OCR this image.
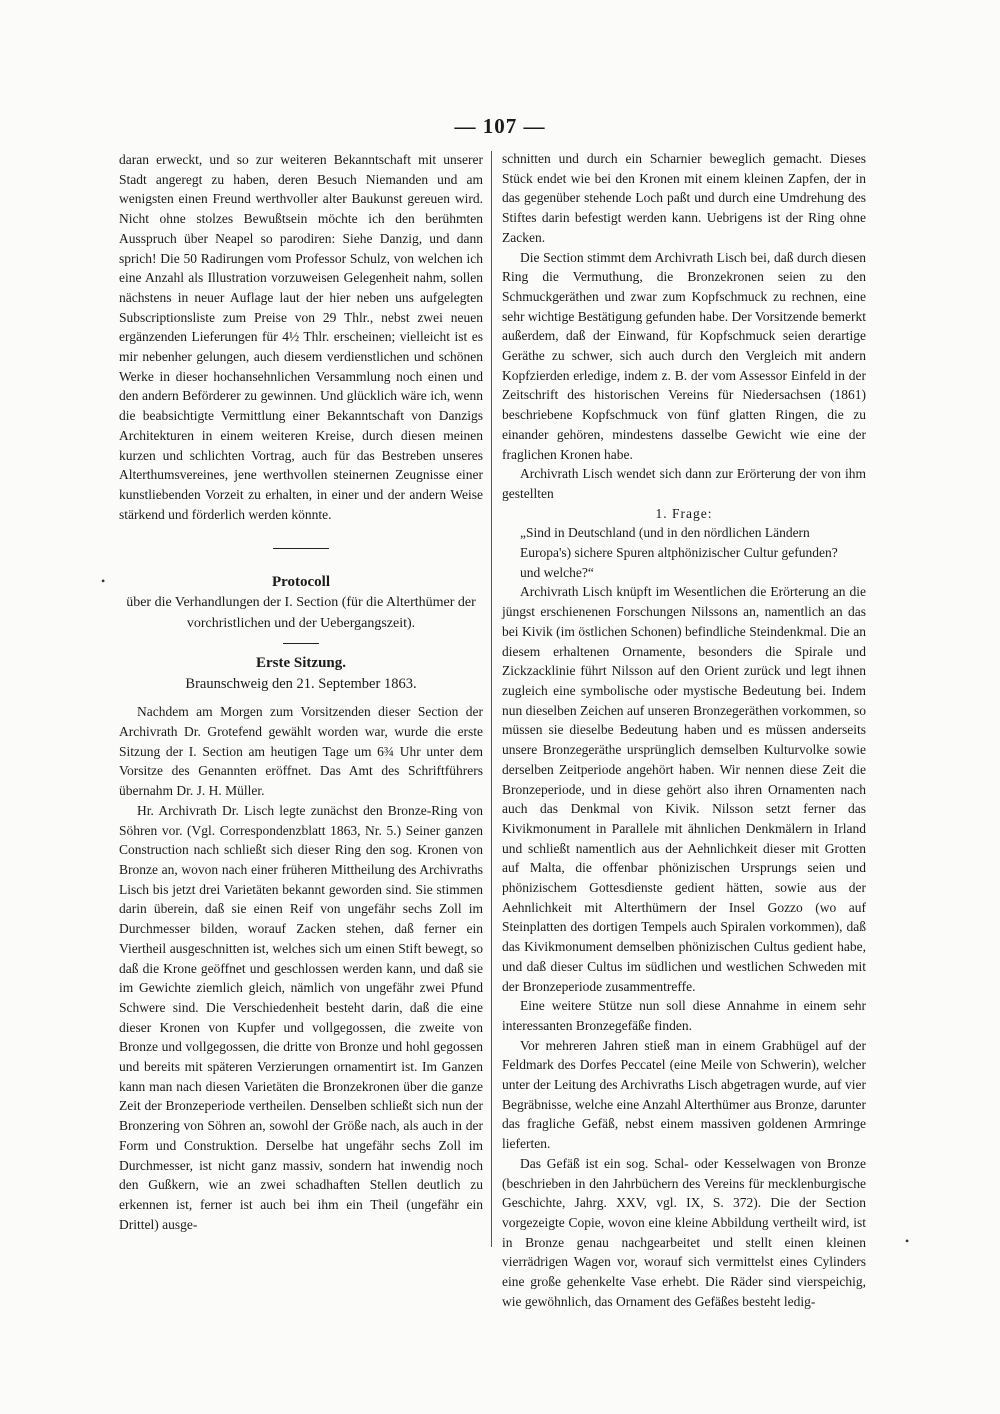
— 107 —

daran erweckt, und so zur weiteren Bekanntschaft mit unserer Stadt angeregt zu haben, deren Besuch Niemanden und am wenigsten einen Freund werthvoller alter Baukunst gereuen wird. Nicht ohne stolzes Bewußtsein möchte ich den berühmten Ausspruch über Neapel so parodiren: Siehe Danzig, und dann sprich! Die 50 Radirungen vom Professor Schulz, von welchen ich eine Anzahl als Illustration vorzuweisen Gelegenheit nahm, sollen nächstens in neuer Auflage laut der hier neben uns aufgelegten Subscriptionsliste zum Preise von 29 Thlr., nebst zwei neuen ergänzenden Lieferungen für 4½ Thlr. erscheinen; vielleicht ist es mir nebenher gelungen, auch diesem verdienstlichen und schönen Werke in dieser hochansehnlichen Versammlung noch einen und den andern Beförderer zu gewinnen. Und glücklich wäre ich, wenn die beabsichtigte Vermittlung einer Bekanntschaft von Danzigs Architekturen in einem weiteren Kreise, durch diesen meinen kurzen und schlichten Vortrag, auch für das Bestreben unseres Alterthumsvereines, jene werthvollen steinernen Zeugnisse einer kunstliebenden Vorzeit zu erhalten, in einer und der andern Weise stärkend und förderlich werden könnte.

Protocoll

über die Verhandlungen der I. Section (für die Alterthümer der vorchristlichen und der Uebergangszeit).

Erste Sitzung.

Braunschweig den 21. September 1863.

Nachdem am Morgen zum Vorsitzenden dieser Section der Archivrath Dr. Grotefend gewählt worden war, wurde die erste Sitzung der I. Section am heutigen Tage um 6¾ Uhr unter dem Vorsitze des Genannten eröffnet. Das Amt des Schriftführers übernahm Dr. J. H. Müller.

Hr. Archivrath Dr. Lisch legte zunächst den Bronze-Ring von Söhren vor. (Vgl. Correspondenzblatt 1863, Nr. 5.) Seiner ganzen Construction nach schließt sich dieser Ring den sog. Kronen von Bronze an, wovon nach einer früheren Mittheilung des Archivraths Lisch bis jetzt drei Varietäten bekannt geworden sind. Sie stimmen darin überein, daß sie einen Reif von ungefähr sechs Zoll im Durchmesser bilden, worauf Zacken stehen, daß ferner ein Viertheil ausgeschnitten ist, welches sich um einen Stift bewegt, so daß die Krone geöffnet und geschlossen werden kann, und daß sie im Gewichte ziemlich gleich, nämlich von ungefähr zwei Pfund Schwere sind. Die Verschiedenheit besteht darin, daß die eine dieser Kronen von Kupfer und vollgegossen, die zweite von Bronze und vollgegossen, die dritte von Bronze und hohl gegossen und bereits mit späteren Verzierungen ornamentirt ist. Im Ganzen kann man nach diesen Varietäten die Bronzekronen über die ganze Zeit der Bronzeperiode vertheilen. Denselben schließt sich nun der Bronzering von Söhren an, sowohl der Größe nach, als auch in der Form und Construktion. Derselbe hat ungefähr sechs Zoll im Durchmesser, ist nicht ganz massiv, sondern hat inwendig noch den Gußkern, wie an zwei schadhaften Stellen deutlich zu erkennen ist, ferner ist auch bei ihm ein Theil (ungefähr ein Drittel) ausge-

schnitten und durch ein Scharnier beweglich gemacht. Dieses Stück endet wie bei den Kronen mit einem kleinen Zapfen, der in das gegenüber stehende Loch paßt und durch eine Umdrehung des Stiftes darin befestigt werden kann. Uebrigens ist der Ring ohne Zacken.

Die Section stimmt dem Archivrath Lisch bei, daß durch diesen Ring die Vermuthung, die Bronzekronen seien zu den Schmuckgeräthen und zwar zum Kopfschmuck zu rechnen, eine sehr wichtige Bestätigung gefunden habe. Der Vorsitzende bemerkt außerdem, daß der Einwand, für Kopfschmuck seien derartige Geräthe zu schwer, sich auch durch den Vergleich mit andern Kopfzierden erledige, indem z. B. der vom Assessor Einfeld in der Zeitschrift des historischen Vereins für Niedersachsen (1861) beschriebene Kopfschmuck von fünf glatten Ringen, die zu einander gehören, mindestens dasselbe Gewicht wie eine der fraglichen Kronen habe.

Archivrath Lisch wendet sich dann zur Erörterung der von ihm gestellten

1. Frage:

„Sind in Deutschland (und in den nördlichen Ländern Europa's) sichere Spuren altphönizischer Cultur gefunden? und welche?“

Archivrath Lisch knüpft im Wesentlichen die Erörterung an die jüngst erschienenen Forschungen Nilssons an, namentlich an das bei Kivik (im östlichen Schonen) befindliche Steindenkmal. Die an diesem erhaltenen Ornamente, besonders die Spirale und Zickzacklinie führt Nilsson auf den Orient zurück und legt ihnen zugleich eine symbolische oder mystische Bedeutung bei. Indem nun dieselben Zeichen auf unseren Bronzegeräthen vorkommen, so müssen sie dieselbe Bedeutung haben und es müssen anderseits unsere Bronzegeräthe ursprünglich demselben Kulturvolke sowie derselben Zeitperiode angehört haben. Wir nennen diese Zeit die Bronzeperiode, und in diese gehört also ihren Ornamenten nach auch das Denkmal von Kivik. Nilsson setzt ferner das Kivikmonument in Parallele mit ähnlichen Denkmälern in Irland und schließt namentlich aus der Aehnlichkeit dieser mit Grotten auf Malta, die offenbar phönizischen Ursprungs seien und phönizischem Gottesdienste gedient hätten, sowie aus der Aehnlichkeit mit Alterthümern der Insel Gozzo (wo auf Steinplatten des dortigen Tempels auch Spiralen vorkommen), daß das Kivikmonument demselben phönizischen Cultus gedient habe, und daß dieser Cultus im südlichen und westlichen Schweden mit der Bronzeperiode zusammentreffe.

Eine weitere Stütze nun soll diese Annahme in einem sehr interessanten Bronzegefäße finden.

Vor mehreren Jahren stieß man in einem Grabhügel auf der Feldmark des Dorfes Peccatel (eine Meile von Schwerin), welcher unter der Leitung des Archivraths Lisch abgetragen wurde, auf vier Begräbnisse, welche eine Anzahl Alterthümer aus Bronze, darunter das fragliche Gefäß, nebst einem massiven goldenen Armringe lieferten.

Das Gefäß ist ein sog. Schal- oder Kesselwagen von Bronze (beschrieben in den Jahrbüchern des Vereins für mecklenburgische Geschichte, Jahrg. XXV, vgl. IX, S. 372). Die der Section vorgezeigte Copie, wovon eine kleine Abbildung vertheilt wird, ist in Bronze genau nachgearbeitet und stellt einen kleinen vierrädrigen Wagen vor, worauf sich vermittelst eines Cylinders eine große gehenkelte Vase erhebt. Die Räder sind vierspeichig, wie gewöhnlich, das Ornament des Gefäßes besteht ledig-

•
•
